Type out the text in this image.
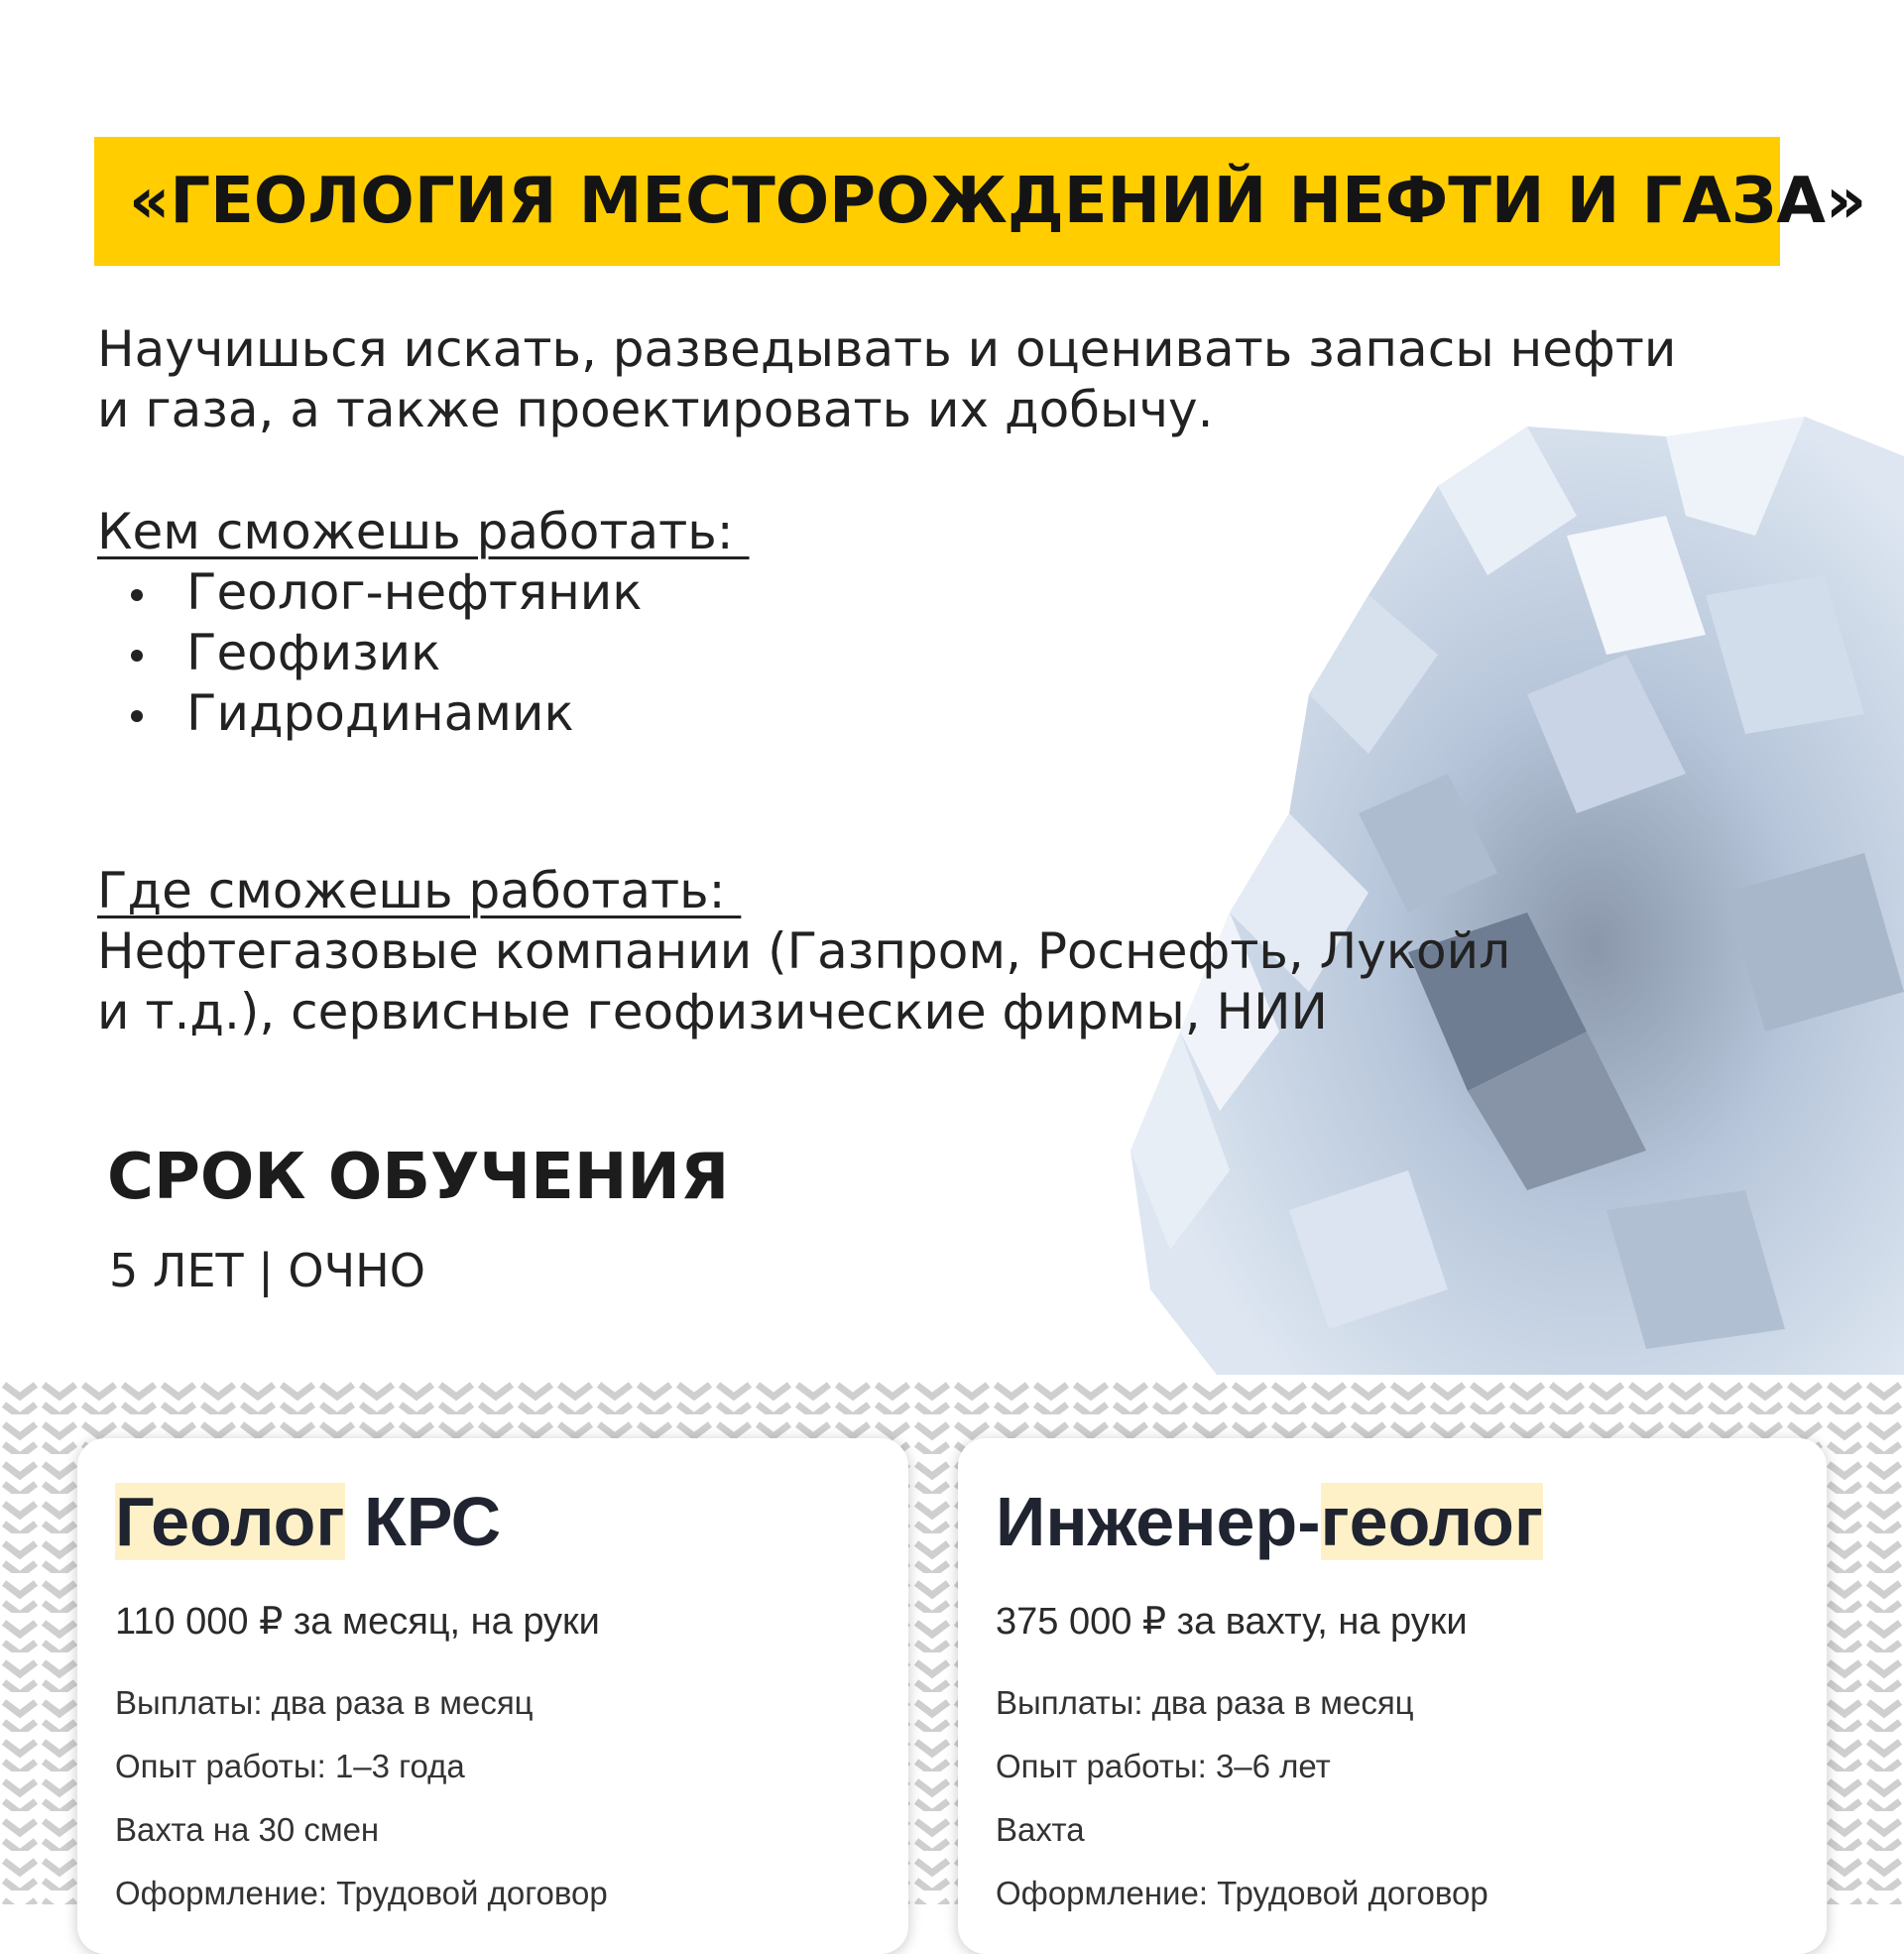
«ГЕОЛОГИЯ МЕСТОРОЖДЕНИЙ НЕФТИ И ГАЗА»

Научишься искать, разведывать и оценивать запасы нефти

и газа, а также проектировать их добычу.

Кем сможешь работать:

Геолог-нефтяник
Геофизик
Гидродинамик

Где сможешь работать:

Нефтегазовые компании (Газпром, Роснефть, Лукойл

и т.д.), сервисные геофизические фирмы, НИИ

СРОК ОБУЧЕНИЯ

5 ЛЕТ | ОЧНО

Геолог КРС

110 000 ₽ за месяц, на руки

Выплаты: два раза в месяц

Опыт работы: 1–3 года

Вахта на 30 смен

Оформление: Трудовой договор

Инженер-геолог

375 000 ₽ за вахту, на руки

Выплаты: два раза в месяц

Опыт работы: 3–6 лет

Вахта

Оформление: Трудовой договор
